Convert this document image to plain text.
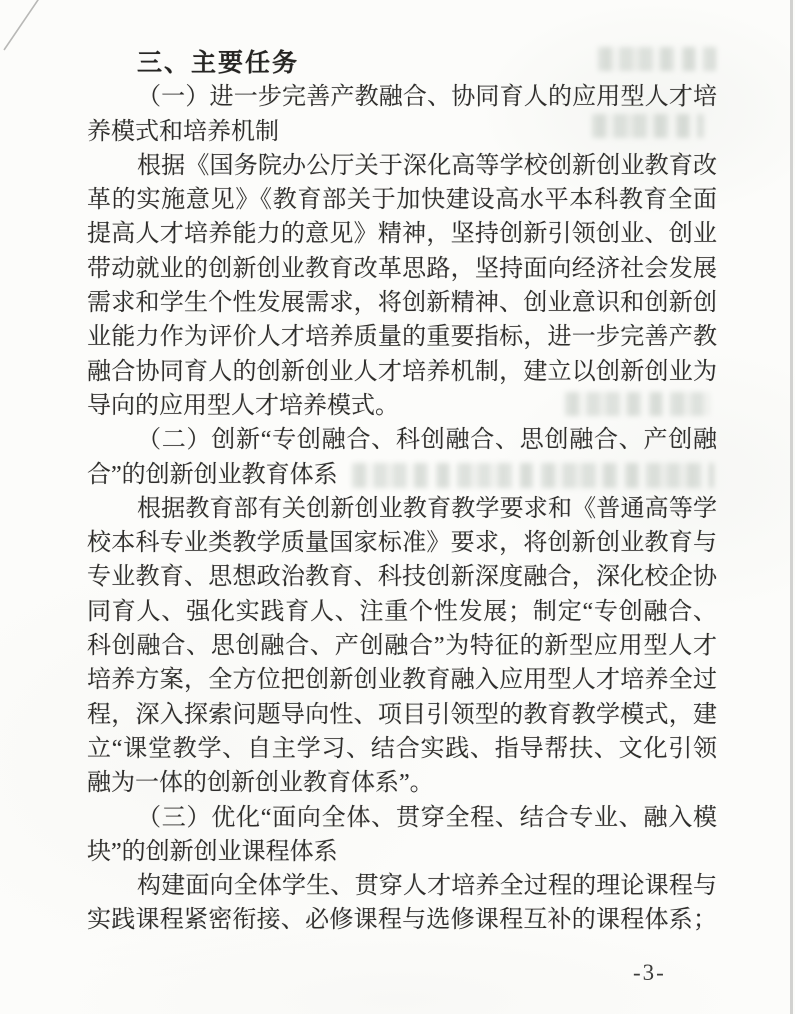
三、主要任务
（一）进一步完善产教融合、协同育人的应用型人才培
养模式和培养机制
根据《国务院办公厅关于深化高等学校创新创业教育改
革的实施意见》《教育部关于加快建设高水平本科教育全面
提高人才培养能力的意见》精神，坚持创新引领创业、创业
带动就业的创新创业教育改革思路，坚持面向经济社会发展
需求和学生个性发展需求，将创新精神、创业意识和创新创
业能力作为评价人才培养质量的重要指标，进一步完善产教
融合协同育人的创新创业人才培养机制，建立以创新创业为
导向的应用型人才培养模式。
（二）创新“专创融合、科创融合、思创融合、产创融
合”的创新创业教育体系
根据教育部有关创新创业教育教学要求和《普通高等学
校本科专业类教学质量国家标准》要求，将创新创业教育与
专业教育、思想政治教育、科技创新深度融合，深化校企协
同育人、强化实践育人、注重个性发展；制定“专创融合、
科创融合、思创融合、产创融合”为特征的新型应用型人才
培养方案，全方位把创新创业教育融入应用型人才培养全过
程，深入探索问题导向性、项目引领型的教育教学模式，建
立“课堂教学、自主学习、结合实践、指导帮扶、文化引领
融为一体的创新创业教育体系”。
（三）优化“面向全体、贯穿全程、结合专业、融入模
块”的创新创业课程体系
构建面向全体学生、贯穿人才培养全过程的理论课程与
实践课程紧密衔接、必修课程与选修课程互补的课程体系；
-3-
